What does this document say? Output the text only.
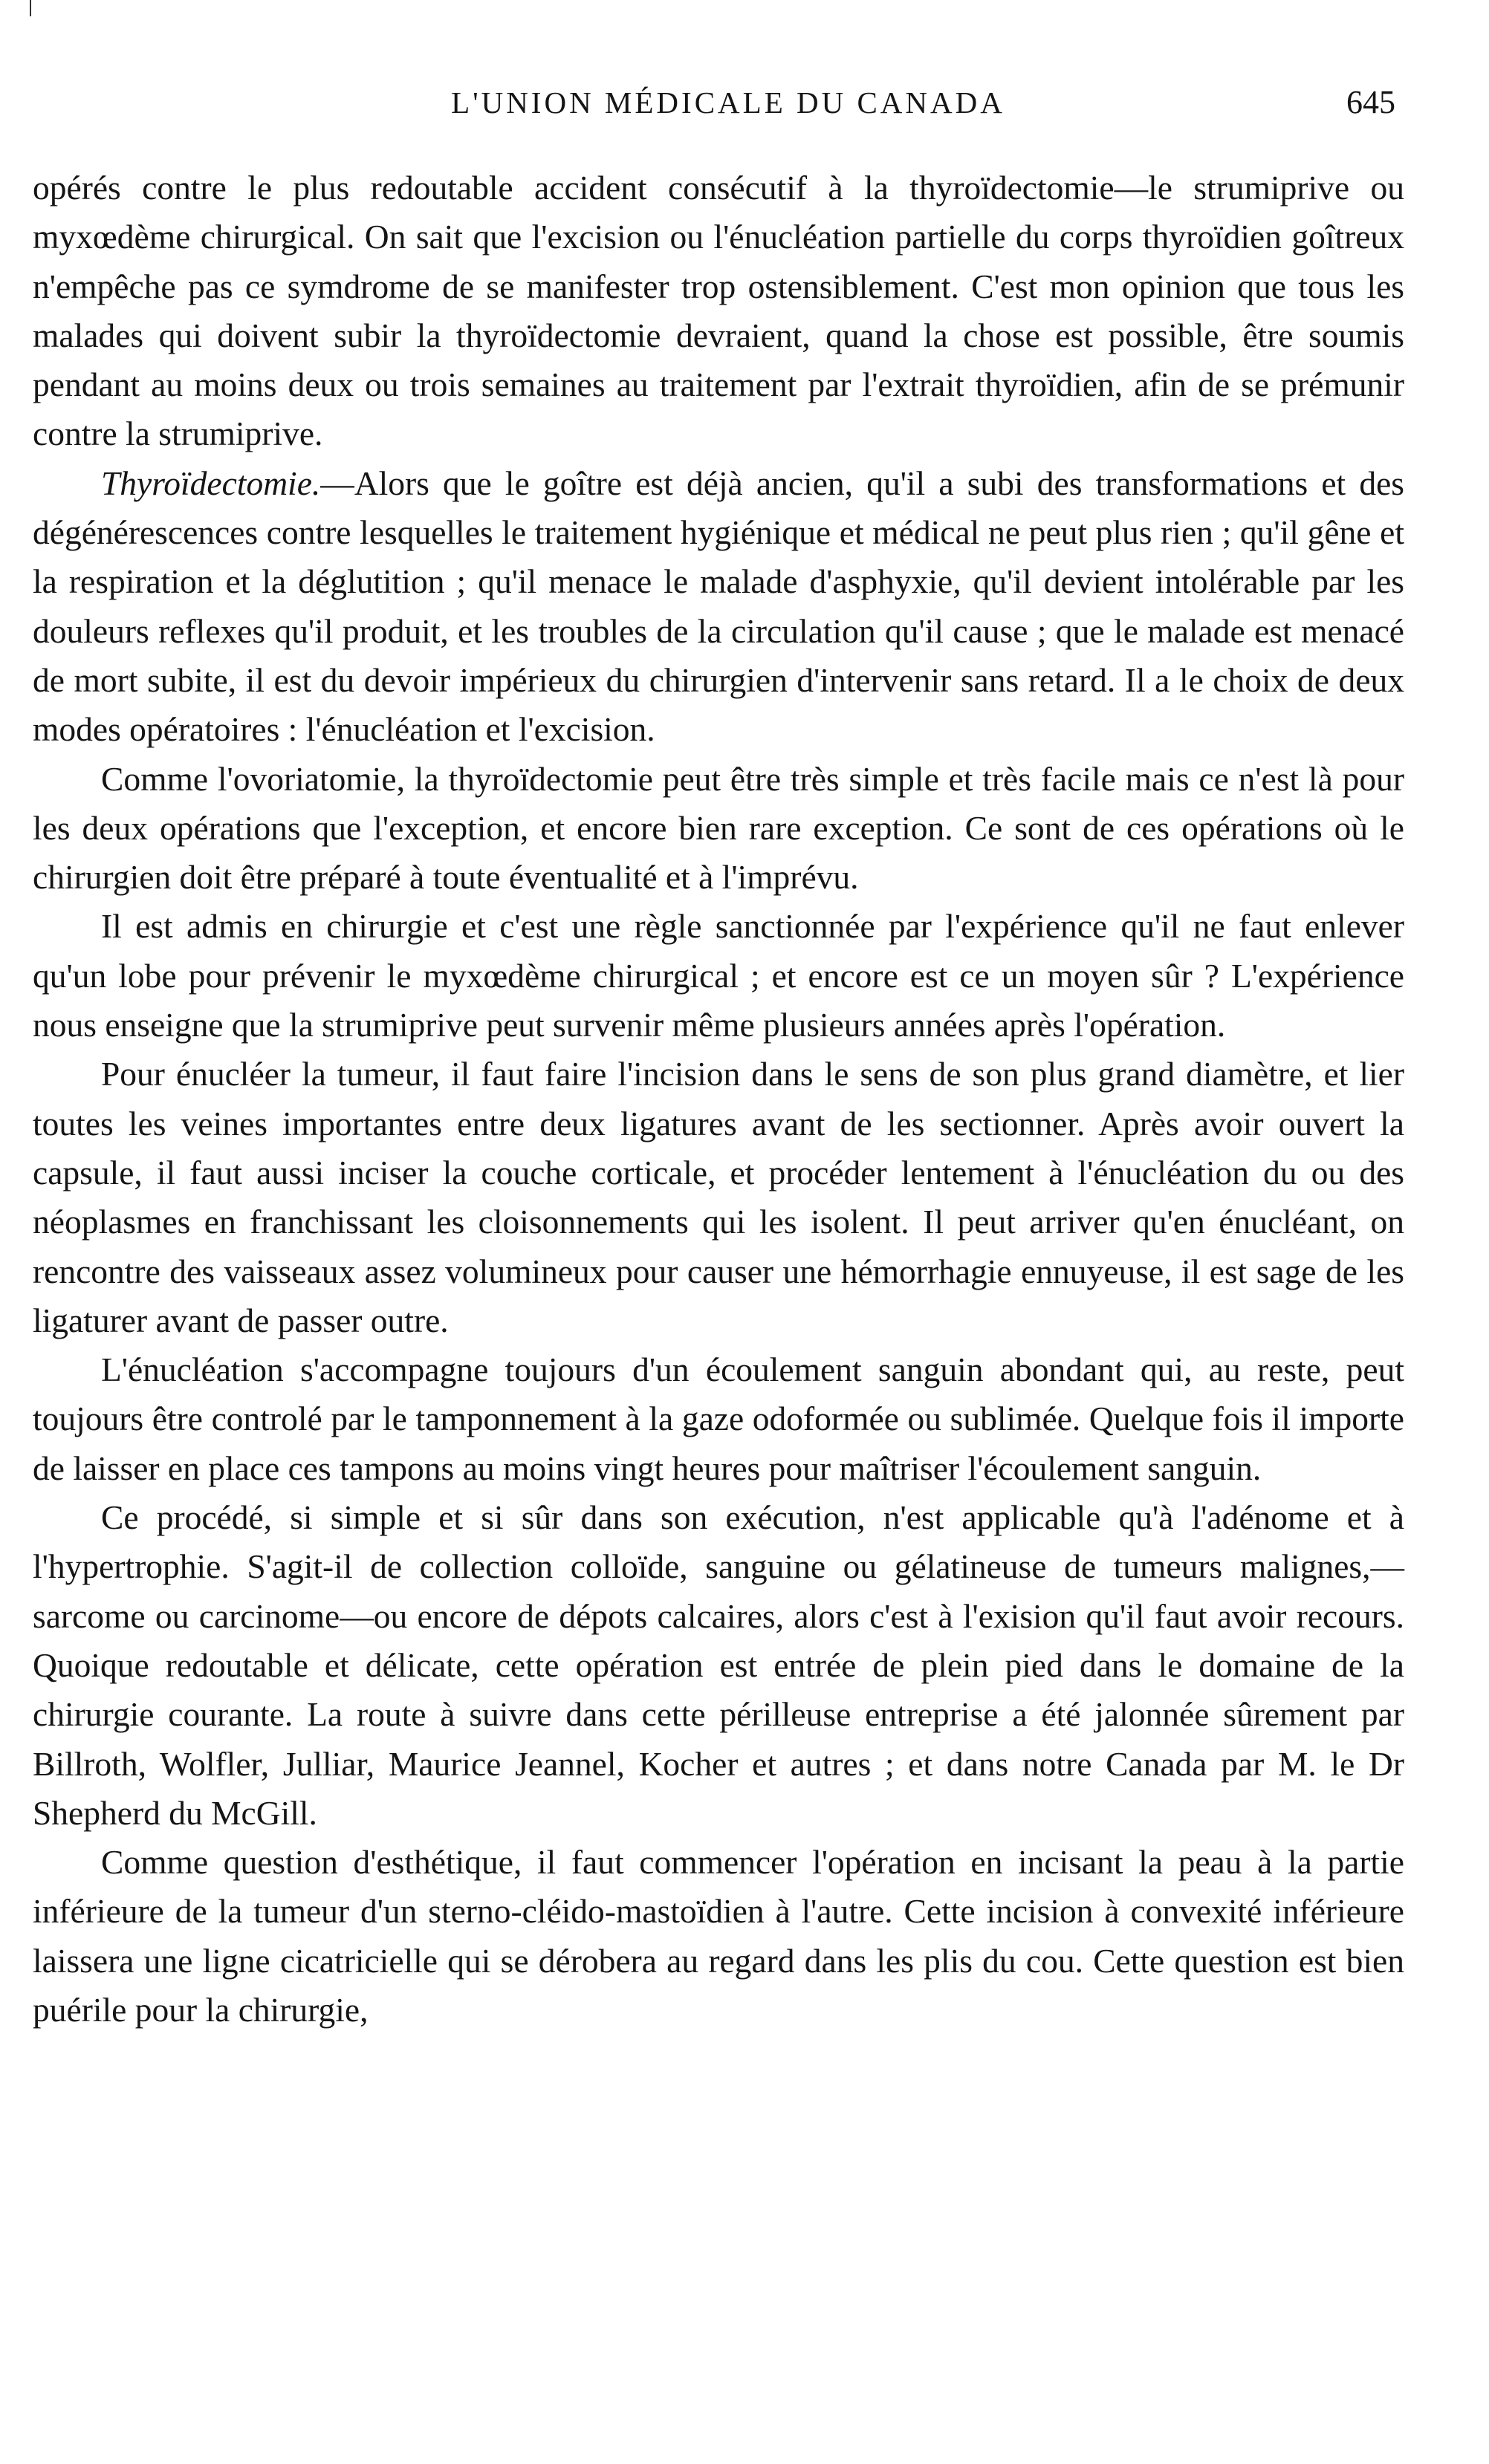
L'UNION MÉDICALE DU CANADA	645

opérés contre le plus redoutable accident consécutif à la thyroïdectomie—le strumiprive ou myxœdème chirurgical. On sait que l'excision ou l'énucléation partielle du corps thyroïdien goîtreux n'empêche pas ce symdrome de se manifester trop ostensiblement. C'est mon opinion que tous les malades qui doivent subir la thyroïdectomie devraient, quand la chose est possible, être soumis pendant au moins deux ou trois semaines au traitement par l'extrait thyroïdien, afin de se prémunir contre la strumiprive.

Thyroïdectomie.—Alors que le goître est déjà ancien, qu'il a subi des transformations et des dégénérescences contre lesquelles le traitement hygiénique et médical ne peut plus rien ; qu'il gêne et la respiration et la déglutition ; qu'il menace le malade d'asphyxie, qu'il devient intolérable par les douleurs reflexes qu'il produit, et les troubles de la circulation qu'il cause ; que le malade est menacé de mort subite, il est du devoir impérieux du chirurgien d'intervenir sans retard. Il a le choix de deux modes opératoires : l'énucléation et l'excision.

Comme l'ovoriatomie, la thyroïdectomie peut être très simple et très facile mais ce n'est là pour les deux opérations que l'exception, et encore bien rare exception. Ce sont de ces opérations où le chirurgien doit être préparé à toute éventualité et à l'imprévu.

Il est admis en chirurgie et c'est une règle sanctionnée par l'expérience qu'il ne faut enlever qu'un lobe pour prévenir le myxœdème chirurgical ; et encore est ce un moyen sûr ? L'expérience nous enseigne que la strumiprive peut survenir même plusieurs années après l'opération.

Pour énucléer la tumeur, il faut faire l'incision dans le sens de son plus grand diamètre, et lier toutes les veines importantes entre deux ligatures avant de les sectionner. Après avoir ouvert la capsule, il faut aussi inciser la couche corticale, et procéder lentement à l'énucléation du ou des néoplasmes en franchissant les cloisonnements qui les isolent. Il peut arriver qu'en énucléant, on rencontre des vaisseaux assez volumineux pour causer une hémorrhagie ennuyeuse, il est sage de les ligaturer avant de passer outre.

L'énucléation s'accompagne toujours d'un écoulement sanguin abondant qui, au reste, peut toujours être controlé par le tamponnement à la gaze odoformée ou sublimée. Quelque fois il importe de laisser en place ces tampons au moins vingt heures pour maîtriser l'écoulement sanguin.

Ce procédé, si simple et si sûr dans son exécution, n'est applicable qu'à l'adénome et à l'hypertrophie. S'agit-il de collection colloïde, sanguine ou gélatineuse de tumeurs malignes,—sarcome ou carcinome—ou encore de dépots calcaires, alors c'est à l'exision qu'il faut avoir recours. Quoique redoutable et délicate, cette opération est entrée de plein pied dans le domaine de la chirurgie courante. La route à suivre dans cette périlleuse entreprise a été jalonnée sûrement par Billroth, Wolfler, Julliar, Maurice Jeannel, Kocher et autres ; et dans notre Canada par M. le Dr Shepherd du McGill.

Comme question d'esthétique, il faut commencer l'opération en incisant la peau à la partie inférieure de la tumeur d'un sterno-cléido-mastoïdien à l'autre. Cette incision à convexité inférieure laissera une ligne cicatricielle qui se dérobera au regard dans les plis du cou. Cette question est bien puérile pour la chirurgie,
